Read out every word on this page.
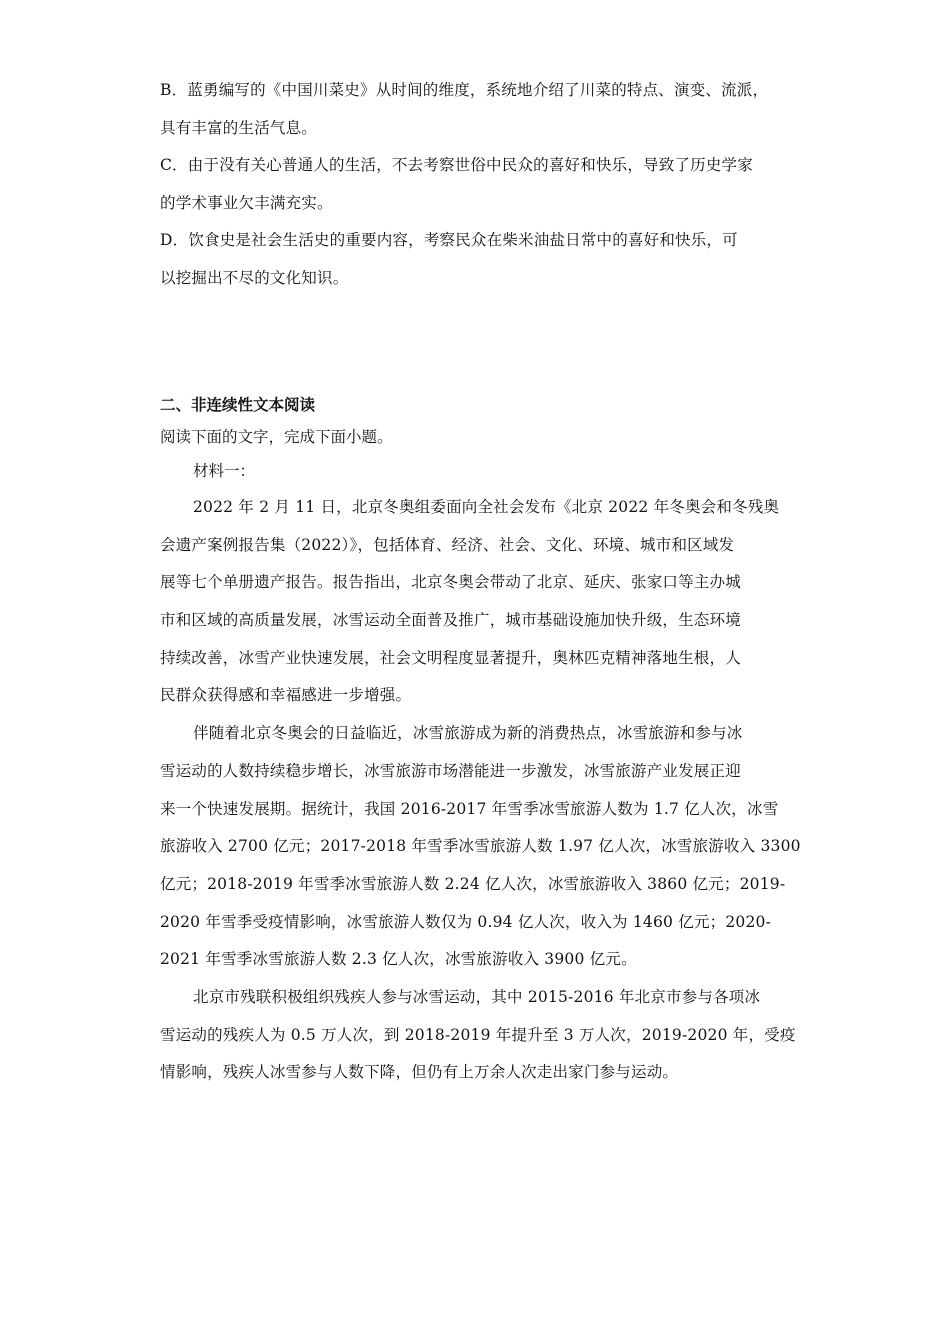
B．蓝勇编写的《中国川菜史》从时间的维度，系统地介绍了川菜的特点、演变、流派，
具有丰富的生活气息。
C．由于没有关心普通人的生活，不去考察世俗中民众的喜好和快乐，导致了历史学家
的学术事业欠丰满充实。
D．饮食史是社会生活史的重要内容，考察民众在柴米油盐日常中的喜好和快乐，可
以挖掘出不尽的文化知识。
二、非连续性文本阅读
阅读下面的文字，完成下面小题。
材料一：
2022 年 2 月 11 日，北京冬奥组委面向全社会发布《北京 2022 年冬奥会和冬残奥
会遗产案例报告集（2022）》，包括体育、经济、社会、文化、环境、城市和区域发
展等七个单册遗产报告。报告指出，北京冬奥会带动了北京、延庆、张家口等主办城
市和区域的高质量发展，冰雪运动全面普及推广，城市基础设施加快升级，生态环境
持续改善，冰雪产业快速发展，社会文明程度显著提升，奥林匹克精神落地生根，人
民群众获得感和幸福感进一步增强。
伴随着北京冬奥会的日益临近，冰雪旅游成为新的消费热点，冰雪旅游和参与冰
雪运动的人数持续稳步增长，冰雪旅游市场潜能进一步激发，冰雪旅游产业发展正迎
来一个快速发展期。据统计，我国 2016-2017 年雪季冰雪旅游人数为 1.7 亿人次，冰雪
旅游收入 2700 亿元；2017-2018 年雪季冰雪旅游人数 1.97 亿人次，冰雪旅游收入 3300
亿元；2018-2019 年雪季冰雪旅游人数 2.24 亿人次，冰雪旅游收入 3860 亿元；2019-
2020 年雪季受疫情影响，冰雪旅游人数仅为 0.94 亿人次，收入为 1460 亿元；2020-
2021 年雪季冰雪旅游人数 2.3 亿人次，冰雪旅游收入 3900 亿元。
北京市残联积极组织残疾人参与冰雪运动，其中 2015-2016 年北京市参与各项冰
雪运动的残疾人为 0.5 万人次，到 2018-2019 年提升至 3 万人次，2019-2020 年，受疫
情影响，残疾人冰雪参与人数下降，但仍有上万余人次走出家门参与运动。
